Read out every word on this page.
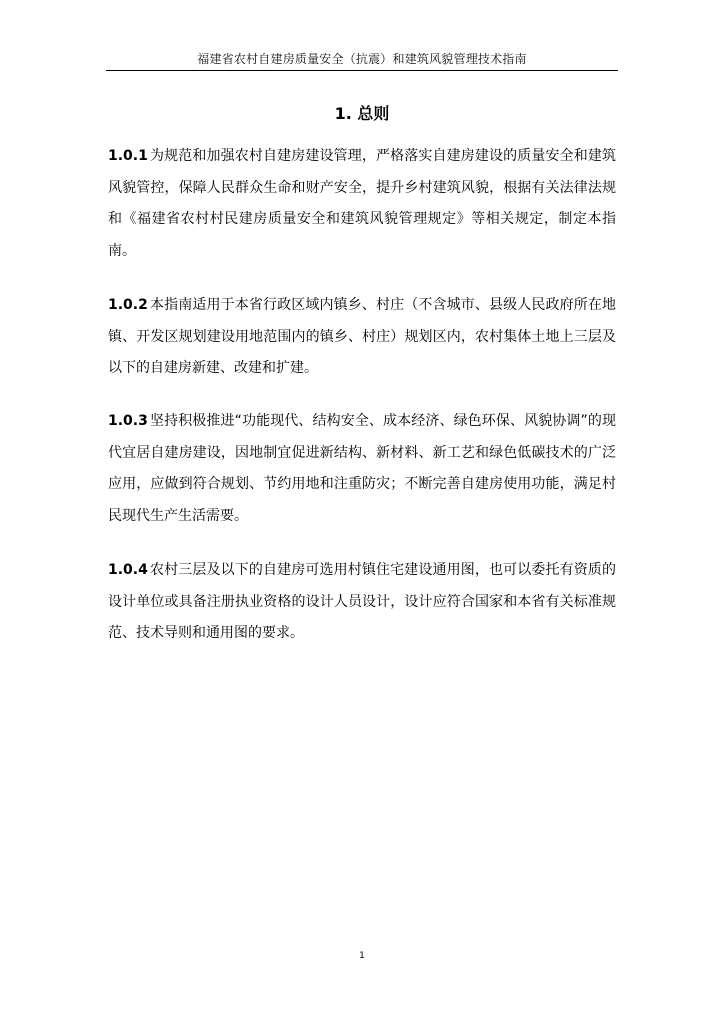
福建省农村自建房质量安全（抗震）和建筑风貌管理技术指南
1. 总则

1.0.1 为规范和加强农村自建房建设管理，严格落实自建房建设的质量安全和建筑风貌管控，保障人民群众生命和财产安全，提升乡村建筑风貌，根据有关法律法规和《福建省农村村民建房质量安全和建筑风貌管理规定》等相关规定，制定本指南。

1.0.2 本指南适用于本省行政区域内镇乡、村庄（不含城市、县级人民政府所在地镇、开发区规划建设用地范围内的镇乡、村庄）规划区内，农村集体土地上三层及以下的自建房新建、改建和扩建。

1.0.3 坚持积极推进“功能现代、结构安全、成本经济、绿色环保、风貌协调”的现代宜居自建房建设，因地制宜促进新结构、新材料、新工艺和绿色低碳技术的广泛应用，应做到符合规划、节约用地和注重防灾；不断完善自建房使用功能，满足村民现代生产生活需要。

1.0.4 农村三层及以下的自建房可选用村镇住宅建设通用图，也可以委托有资质的设计单位或具备注册执业资格的设计人员设计，设计应符合国家和本省有关标准规范、技术导则和通用图的要求。

1
